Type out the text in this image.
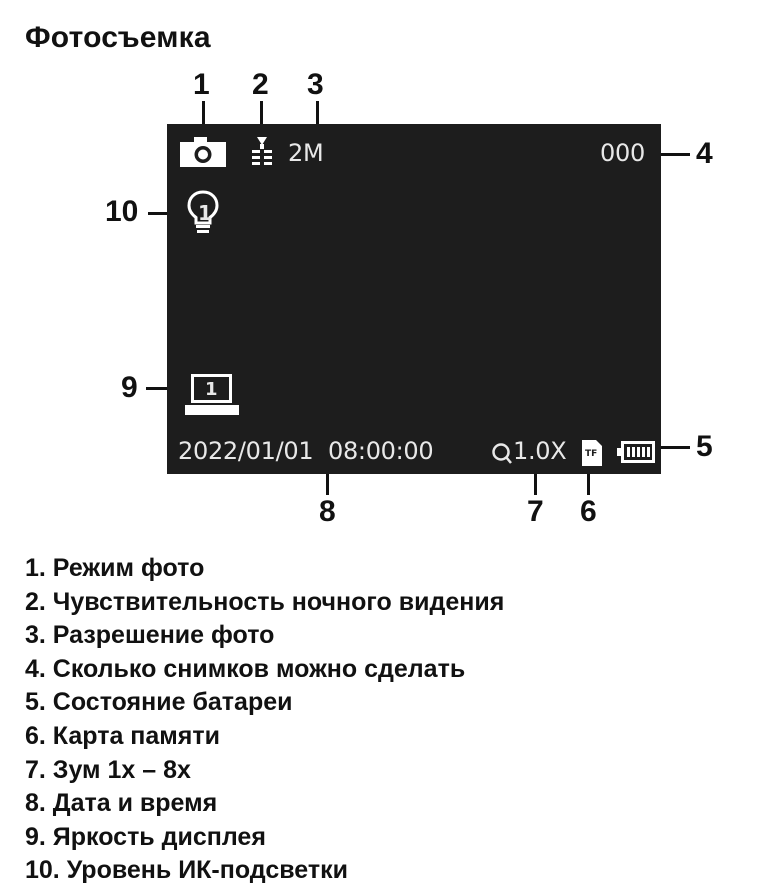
Фотосъемка
1 2 3
4
5
10
9
8	7 6
2M	000
1
1
2022/01/01  08:00:00	1.0X TF
1. Режим фото
2. Чувствительность ночного видения
3. Разрешение фото
4. Сколько снимков можно сделать
5. Состояние батареи
6. Карта памяти
7. Зум 1х – 8х
8. Дата и время
9. Яркость дисплея
10. Уровень ИК-подсветки
